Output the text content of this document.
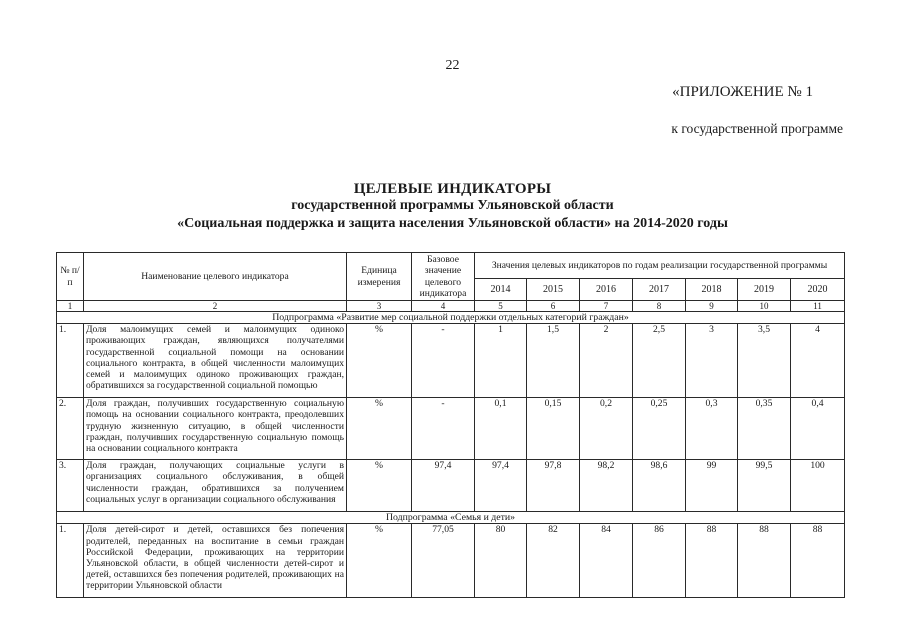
22
«ПРИЛОЖЕНИЕ № 1
к государственной программе
ЦЕЛЕВЫЕ ИНДИКАТОРЫ
государственной программы Ульяновской области
«Социальная поддержка и защита населения Ульяновской области» на 2014-2020 годы
№ п/п	Наименование целевого индикатора	Единица измерения	Базовое значение целевого индикатора	Значения целевых индикаторов по годам реализации государственной программы						
				2014	2015	2016	2017	2018	2019	2020
1	2	3	4	5	6	7	8	9	10	11
Подпрограмма «Развитие мер социальной поддержки отдельных категорий граждан»										
1.	Доля малоимущих семей и малоимущих одиноко проживающих граждан, являющихся получателями государственной социальной помощи на основании социального контракта, в общей численности малоимущих семей и малоимущих одиноко проживающих граждан, обратившихся за государственной социальной помощью	%	-	1	1,5	2	2,5	3	3,5	4
2.	Доля граждан, получивших государственную социальную помощь на основании социального контракта, преодолевших трудную жизненную ситуацию, в общей численности граждан, получивших государственную социальную помощь на основании социального контракта	%	-	0,1	0,15	0,2	0,25	0,3	0,35	0,4
3.	Доля граждан, получающих социальные услуги в организациях социального обслуживания, в общей численности граждан, обратившихся за получением социальных услуг в организации социального обслуживания	%	97,4	97,4	97,8	98,2	98,6	99	99,5	100
Подпрограмма «Семья и дети»										
1.	Доля детей-сирот и детей, оставшихся без попечения родителей, переданных на воспитание в семьи граждан Российской Федерации, проживающих на территории Ульяновской области, в общей численности детей-сирот и детей, оставшихся без попечения родителей, проживающих на территории Ульяновской области	%	77,05	80	82	84	86	88	88	88
